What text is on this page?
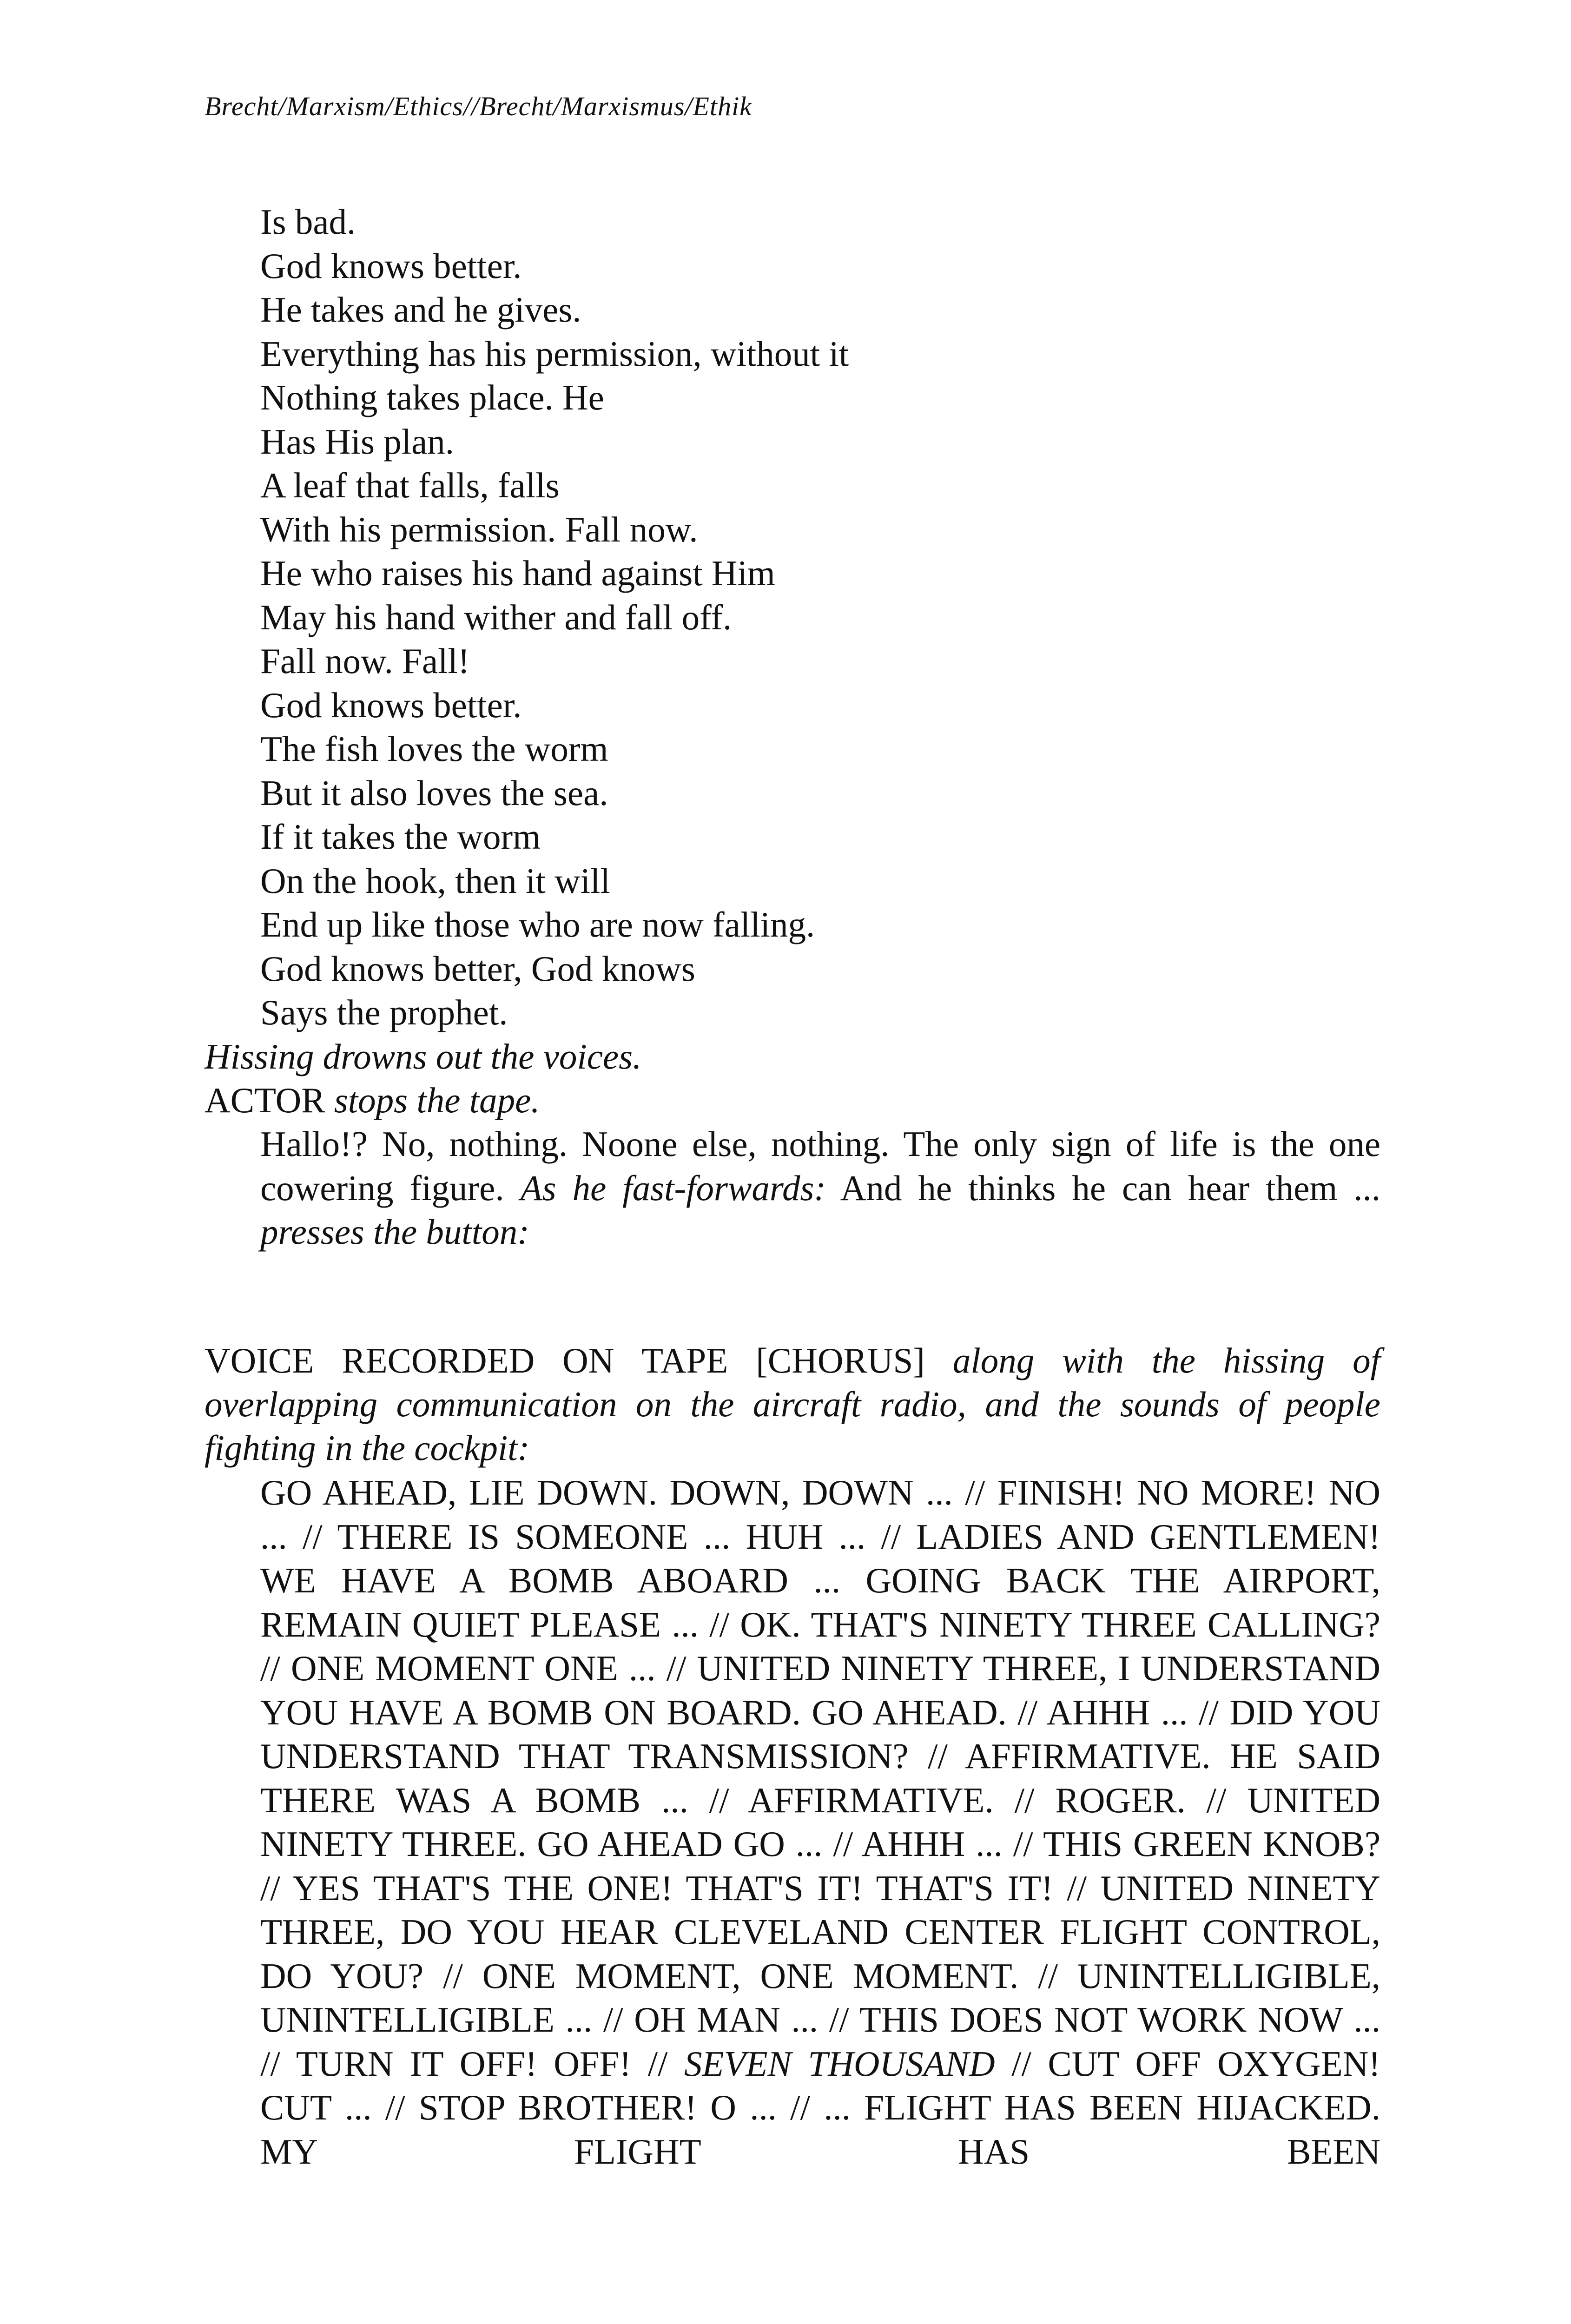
Brecht/Marxism/Ethics//Brecht/Marxismus/Ethik
Is bad.
God knows better.
He takes and he gives.
Everything has his permission, without it
Nothing takes place. He
Has His plan.
A leaf that falls, falls
With his permission. Fall now.
He who raises his hand against Him
May his hand wither and fall off.
Fall now. Fall!
God knows better.
The fish loves the worm
But it also loves the sea.
If it takes the worm
On the hook, then it will
End up like those who are now falling.
God knows better, God knows
Says the prophet.
Hissing drowns out the voices.
ACTOR stops the tape.
Hallo!? No, nothing. Noone else, nothing. The only sign of life is the one cowering figure. As he fast-forwards: And he thinks he can hear them ... presses the button:
VOICE RECORDED ON TAPE [CHORUS] along with the hissing of overlapping communication on the aircraft radio, and the sounds of people fighting in the cockpit:
GO AHEAD, LIE DOWN. DOWN, DOWN ... // FINISH! NO MORE! NO ... // THERE IS SOMEONE ... HUH ... // LADIES AND GENTLEMEN! WE HAVE A BOMB ABOARD ... GOING BACK THE AIRPORT, REMAIN QUIET PLEASE ... // OK. THAT'S NINETY THREE CALLING? // ONE MOMENT ONE ... // UNITED NINETY THREE, I UNDERSTAND YOU HAVE A BOMB ON BOARD. GO AHEAD. // AHHH ... // DID YOU UNDERSTAND THAT TRANSMISSION? // AFFIRMATIVE. HE SAID THERE WAS A BOMB ... // AFFIRMATIVE. // ROGER. // UNITED NINETY THREE. GO AHEAD GO ... // AHHH ... // THIS GREEN KNOB? // YES THAT'S THE ONE! THAT'S IT! THAT'S IT! // UNITED NINETY THREE, DO YOU HEAR CLEVELAND CENTER FLIGHT CONTROL, DO YOU? // ONE MOMENT, ONE MOMENT. // UNINTELLIGIBLE, UNINTELLIGIBLE ... // OH MAN ... // THIS DOES NOT WORK NOW ... // TURN IT OFF! OFF! // SEVEN THOUSAND // CUT OFF OXYGEN! CUT ... // STOP BROTHER! O ... // ... FLIGHT HAS BEEN HIJACKED. MY FLIGHT HAS BEEN
